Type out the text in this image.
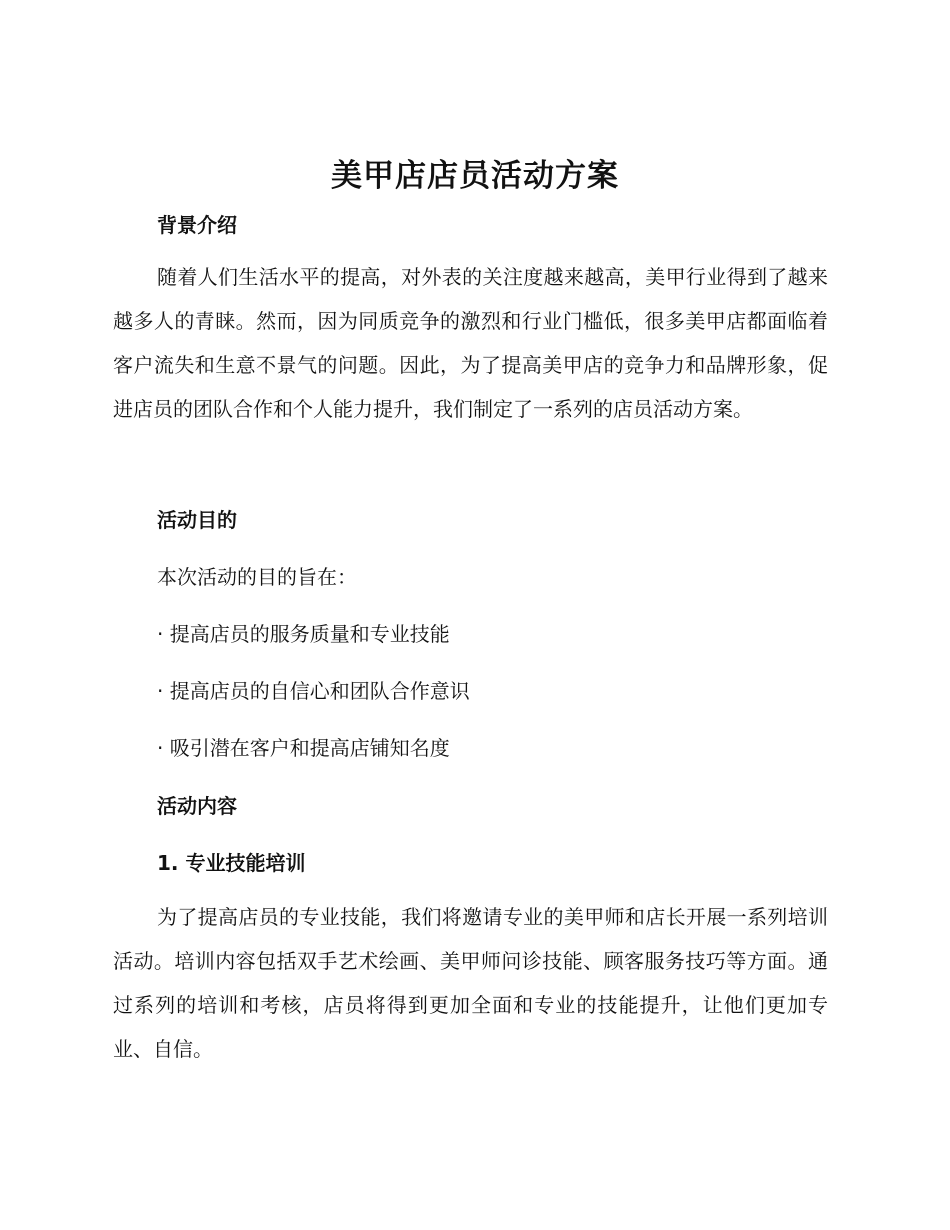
美甲店店员活动方案
背景介绍

随着人们生活水平的提高，对外表的关注度越来越高，美甲行业得到了越来越多人的青睐。然而，因为同质竞争的激烈和行业门槛低，很多美甲店都面临着客户流失和生意不景气的问题。因此，为了提高美甲店的竞争力和品牌形象，促进店员的团队合作和个人能力提升，我们制定了一系列的店员活动方案。

活动目的

本次活动的目的旨在：

· 提高店员的服务质量和专业技能

· 提高店员的自信心和团队合作意识

· 吸引潜在客户和提高店铺知名度

活动内容
1. 专业技能培训

为了提高店员的专业技能，我们将邀请专业的美甲师和店长开展一系列培训活动。培训内容包括双手艺术绘画、美甲师问诊技能、顾客服务技巧等方面。通过系列的培训和考核，店员将得到更加全面和专业的技能提升，让他们更加专业、自信。
